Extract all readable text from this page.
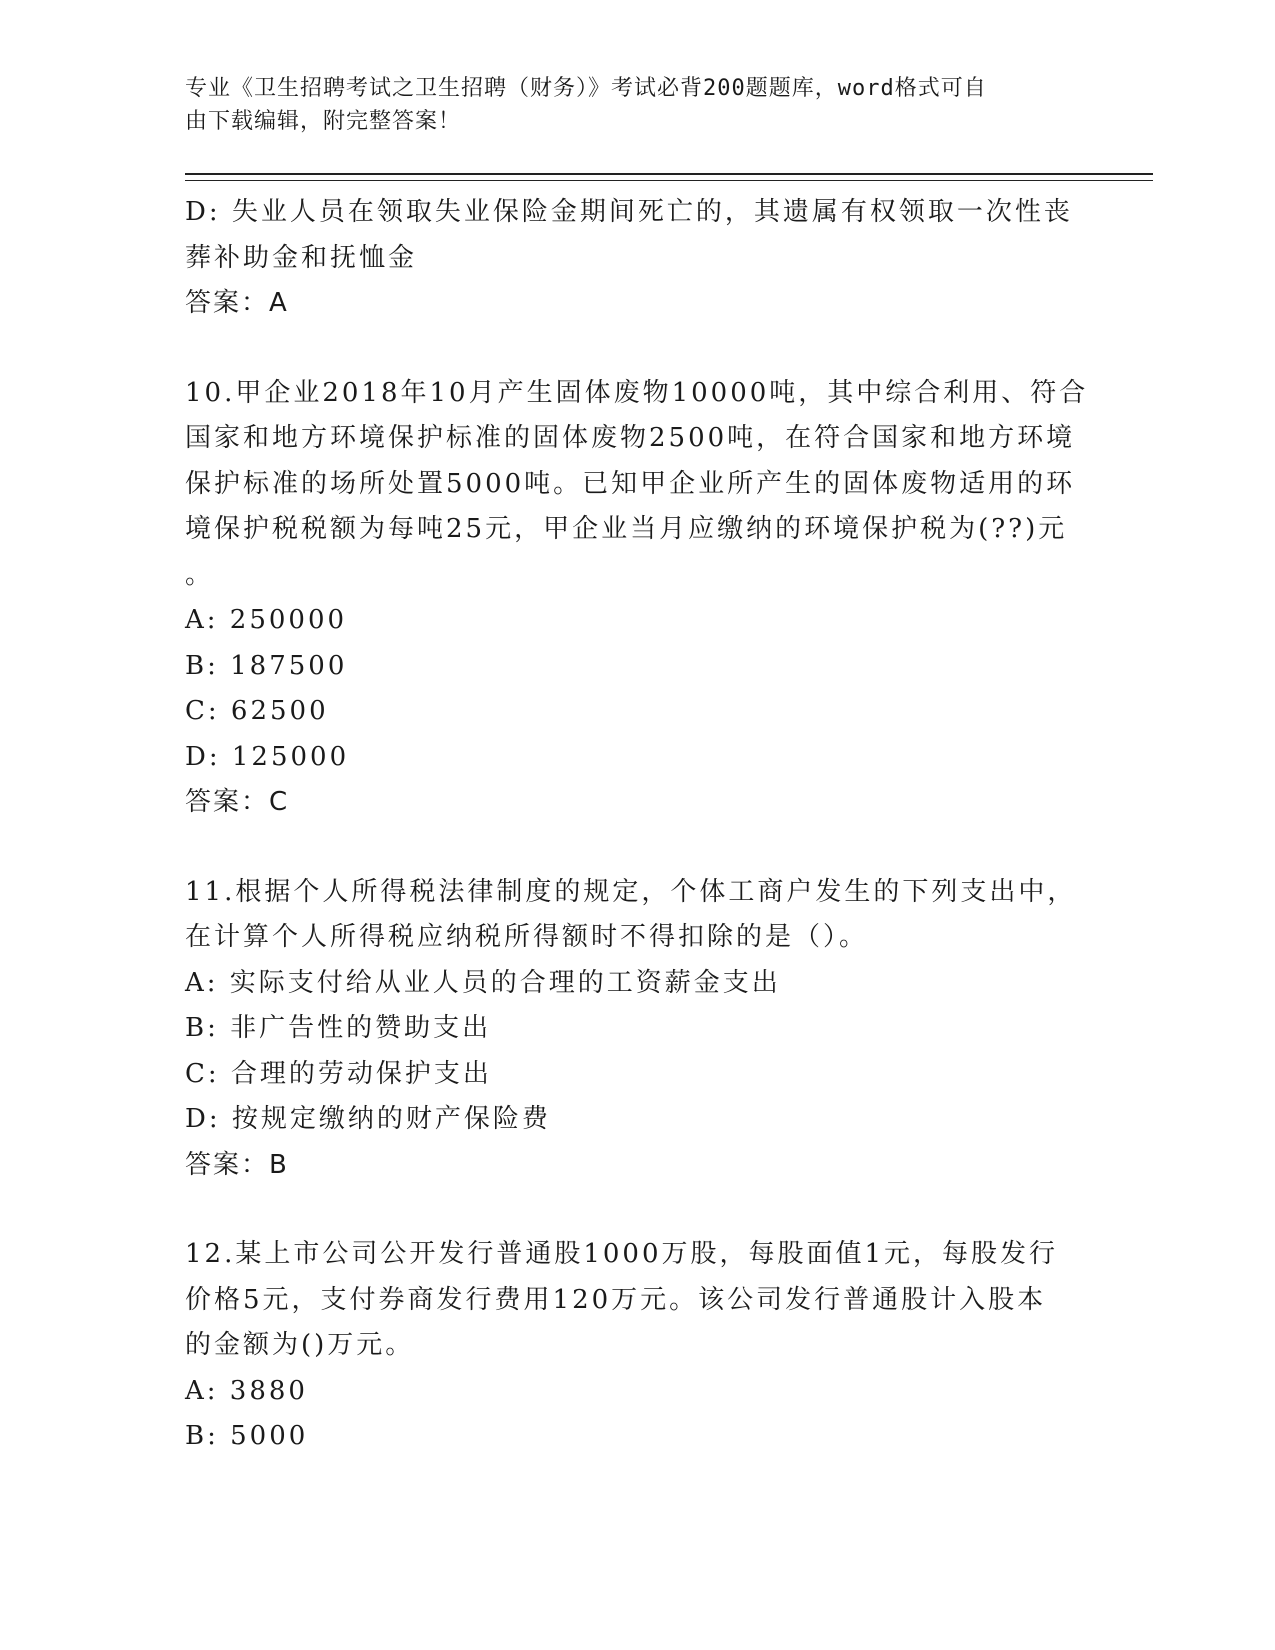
专业《卫生招聘考试之卫生招聘（财务）》考试必背200题题库，word格式可自
由下载编辑，附完整答案！
D: 失业人员在领取失业保险金期间死亡的，其遗属有权领取一次性丧
葬补助金和抚恤金
答案：A
10.甲企业2018年10月产生固体废物10000吨，其中综合利用、符合
国家和地方环境保护标准的固体废物2500吨，在符合国家和地方环境
保护标准的场所处置5000吨。已知甲企业所产生的固体废物适用的环
境保护税税额为每吨25元，甲企业当月应缴纳的环境保护税为(??)元
。
A: 250000
B: 187500
C: 62500
D: 125000
答案：C
11.根据个人所得税法律制度的规定，个体工商户发生的下列支出中，
在计算个人所得税应纳税所得额时不得扣除的是（）。
A: 实际支付给从业人员的合理的工资薪金支出
B: 非广告性的赞助支出
C: 合理的劳动保护支出
D: 按规定缴纳的财产保险费
答案：B
12.某上市公司公开发行普通股1000万股，每股面值1元，每股发行
价格5元，支付券商发行费用120万元。该公司发行普通股计入股本
的金额为()万元。
A: 3880
B: 5000
